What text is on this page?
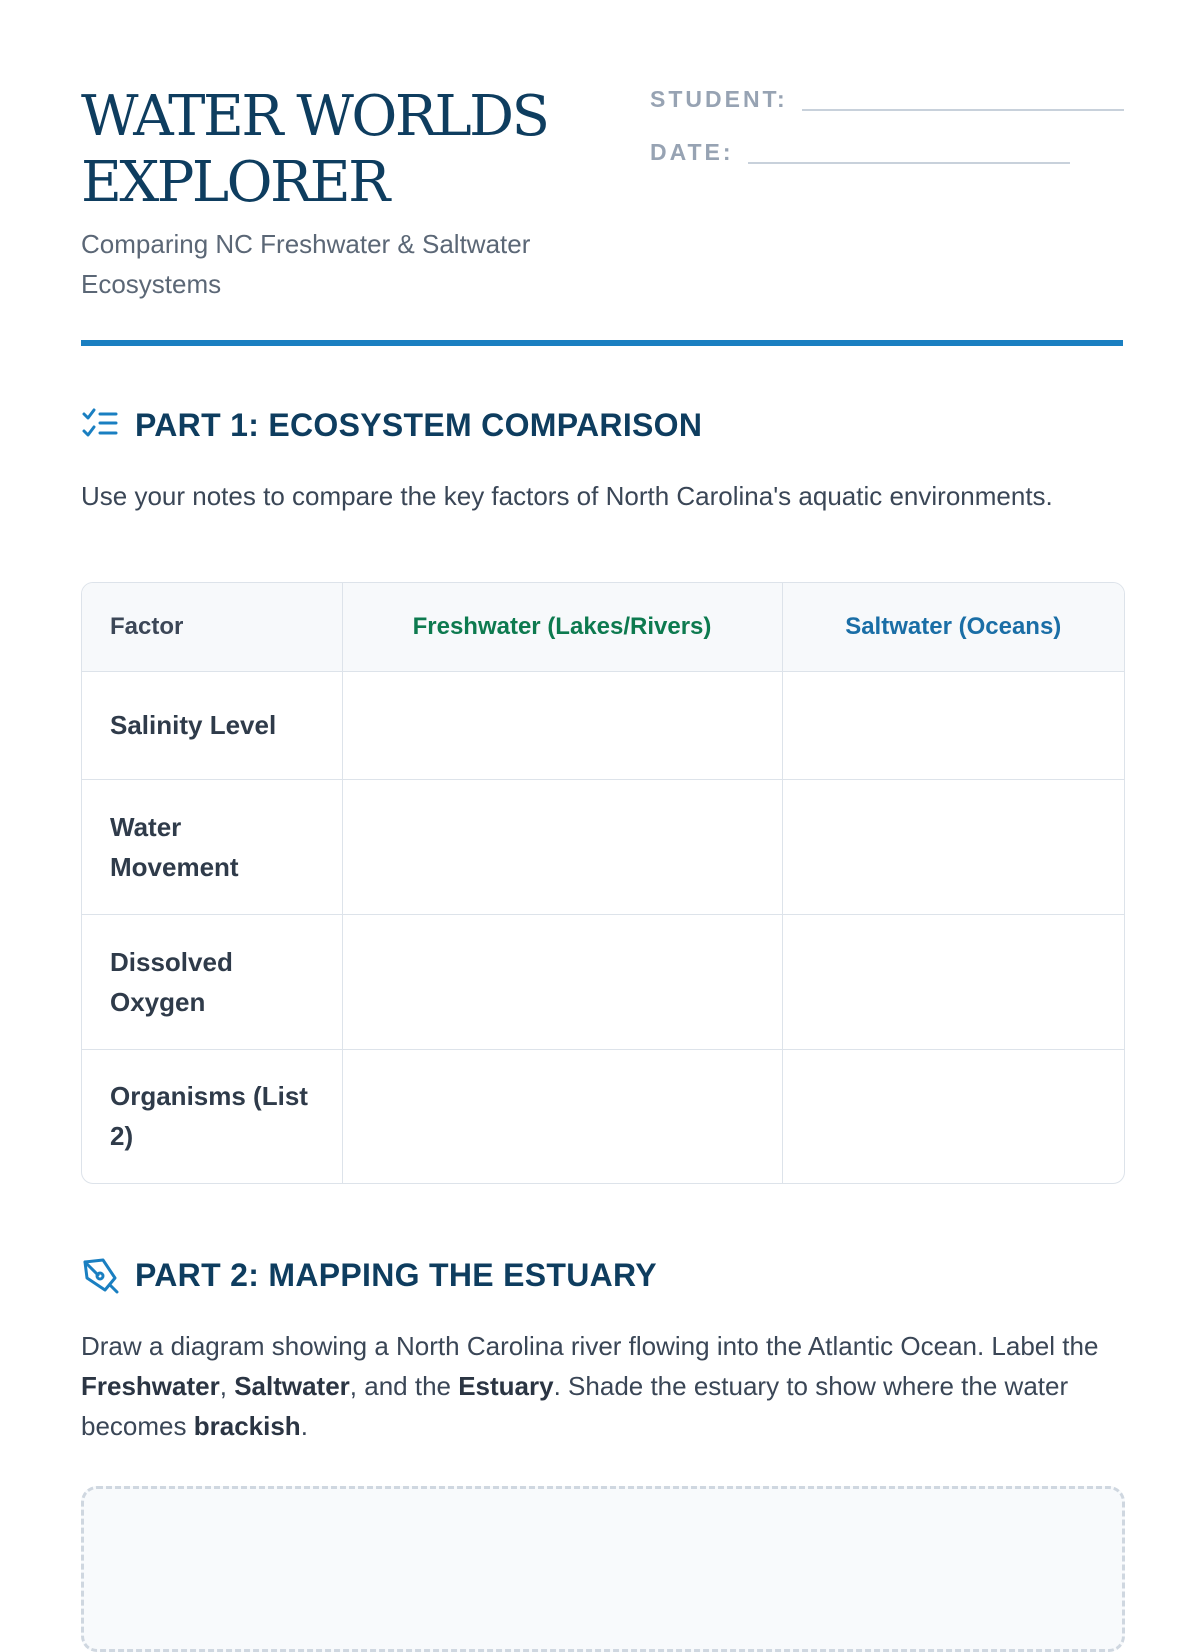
WATER WORLDS
EXPLORER
Comparing NC Freshwater & Saltwater Ecosystems
STUDENT:
DATE:
PART 1: ECOSYSTEM COMPARISON

Use your notes to compare the key factors of North Carolina's aquatic environments.

Factor	Freshwater (Lakes/Rivers)	Saltwater (Oceans)
Salinity Level		
Water Movement		
Dissolved Oxygen		
Organisms (List 2)		
PART 2: MAPPING THE ESTUARY

Draw a diagram showing a North Carolina river flowing into the Atlantic Ocean. Label the Freshwater, Saltwater, and the Estuary. Shade the estuary to show where the water becomes brackish.
